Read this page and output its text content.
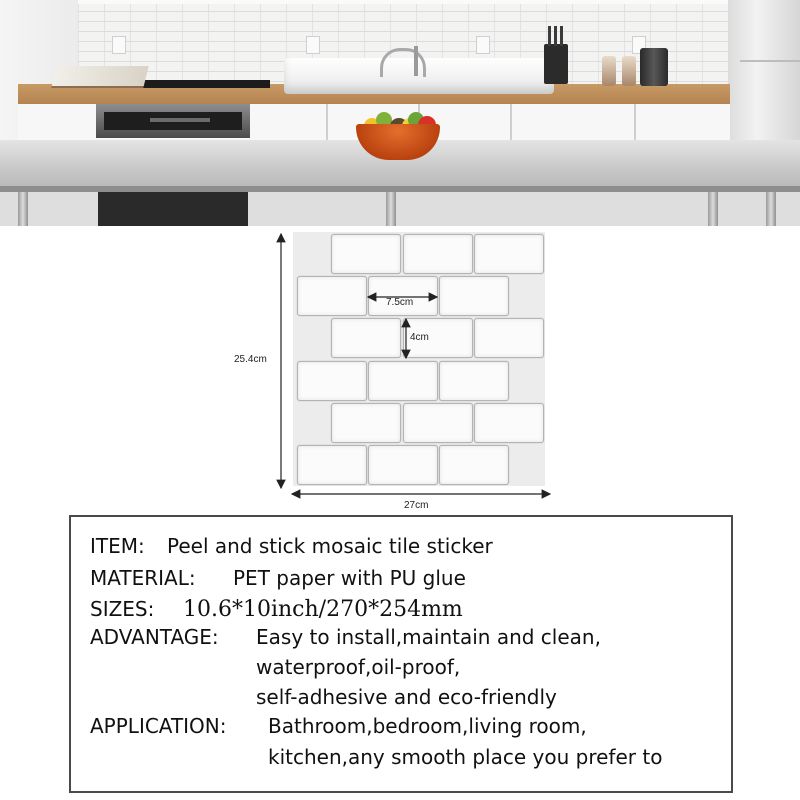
25.4cm
27cm
7.5cm
4cm
ITEM: Peel and stick mosaic tile sticker
MATERIAL: PET paper with PU glue
SIZES: 10.6*10inch/270*254mm
ADVANTAGE: Easy to install,maintain and clean,
waterproof,oil-proof,
self-adhesive and eco-friendly
APPLICATION: Bathroom,bedroom,living room,
kitchen,any smooth place you prefer to
